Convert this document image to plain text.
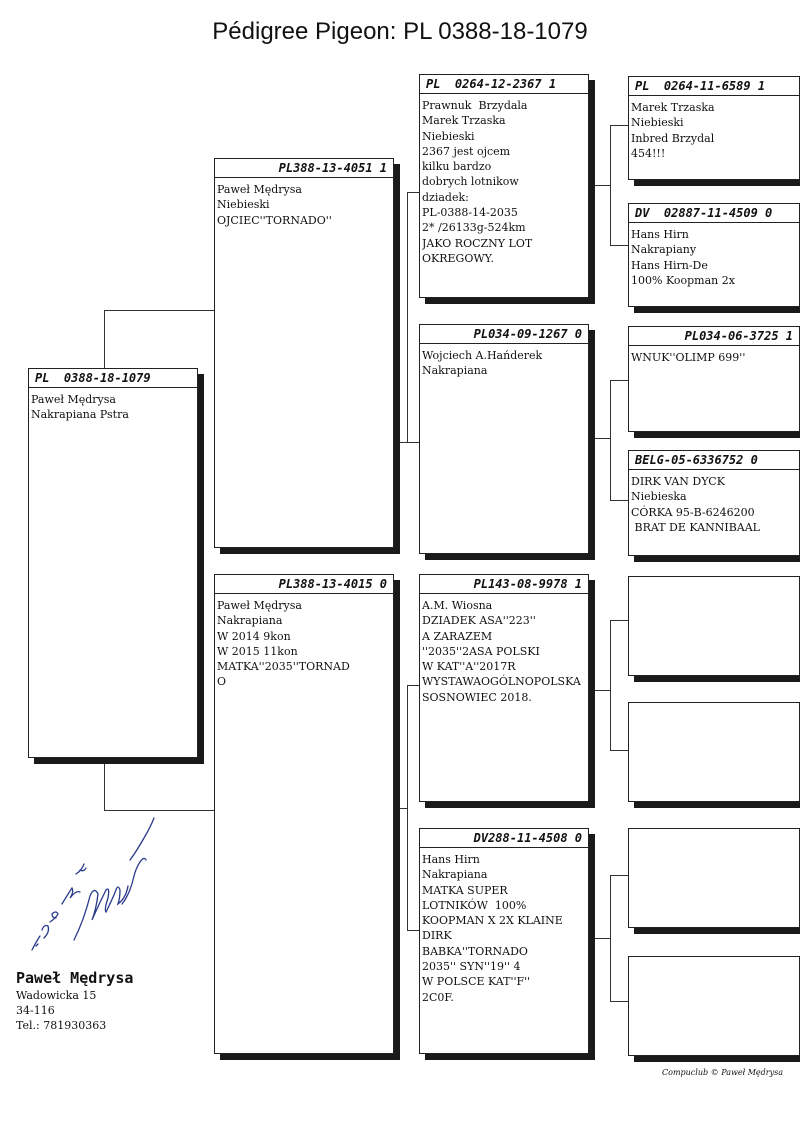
Pédigree Pigeon: PL 0388-18-1079
PL  0388-18-1079
Paweł Mędrysa
Nakrapiana Pstra
PL388-13-4051 1
Paweł Mędrysa
Niebieski
OJCIEC''TORNADO''
PL388-13-4015 0
Paweł Mędrysa
Nakrapiana
W 2014 9kon
W 2015 11kon
MATKA''2035''TORNAD
O
PL  0264-12-2367 1
Prawnuk  Brzydala
Marek Trzaska
Niebieski
2367 jest ojcem
kilku bardzo
dobrych lotnikow
dziadek:
PL-0388-14-2035
2* /26133g-524km
JAKO ROCZNY LOT
OKREGOWY.
PL034-09-1267 0
Wojciech A.Hańderek
Nakrapiana
PL143-08-9978 1
A.M. Wiosna
DZIADEK ASA''223''
A ZARAZEM
''2035''2ASA POLSKI
W KAT''A''2017R
WYSTAWAOGÓLNOPOLSKA
SOSNOWIEC 2018.
DV288-11-4508 0
Hans Hirn
Nakrapiana
MATKA SUPER
LOTNIKÓW  100%
KOOPMAN X 2X KLAINE
DIRK
BABKA''TORNADO
2035'' SYN''19'' 4
W POLSCE KAT''F''
2C0F.
PL  0264-11-6589 1
Marek Trzaska
Niebieski
Inbred Brzydal
454!!!
DV  02887-11-4509 0
Hans Hirn
Nakrapiany
Hans Hirn-De
100% Koopman 2x
PL034-06-3725 1
WNUK''OLIMP 699''
BELG-05-6336752 0
DIRK VAN DYCK
Niebieska
CÓRKA 95-B-6246200
BRAT DE KANNIBAAL
Paweł Mędrysa
Wadowicka 15
34-116
Tel.: 781930363
Compuclub © Paweł Mędrysa
